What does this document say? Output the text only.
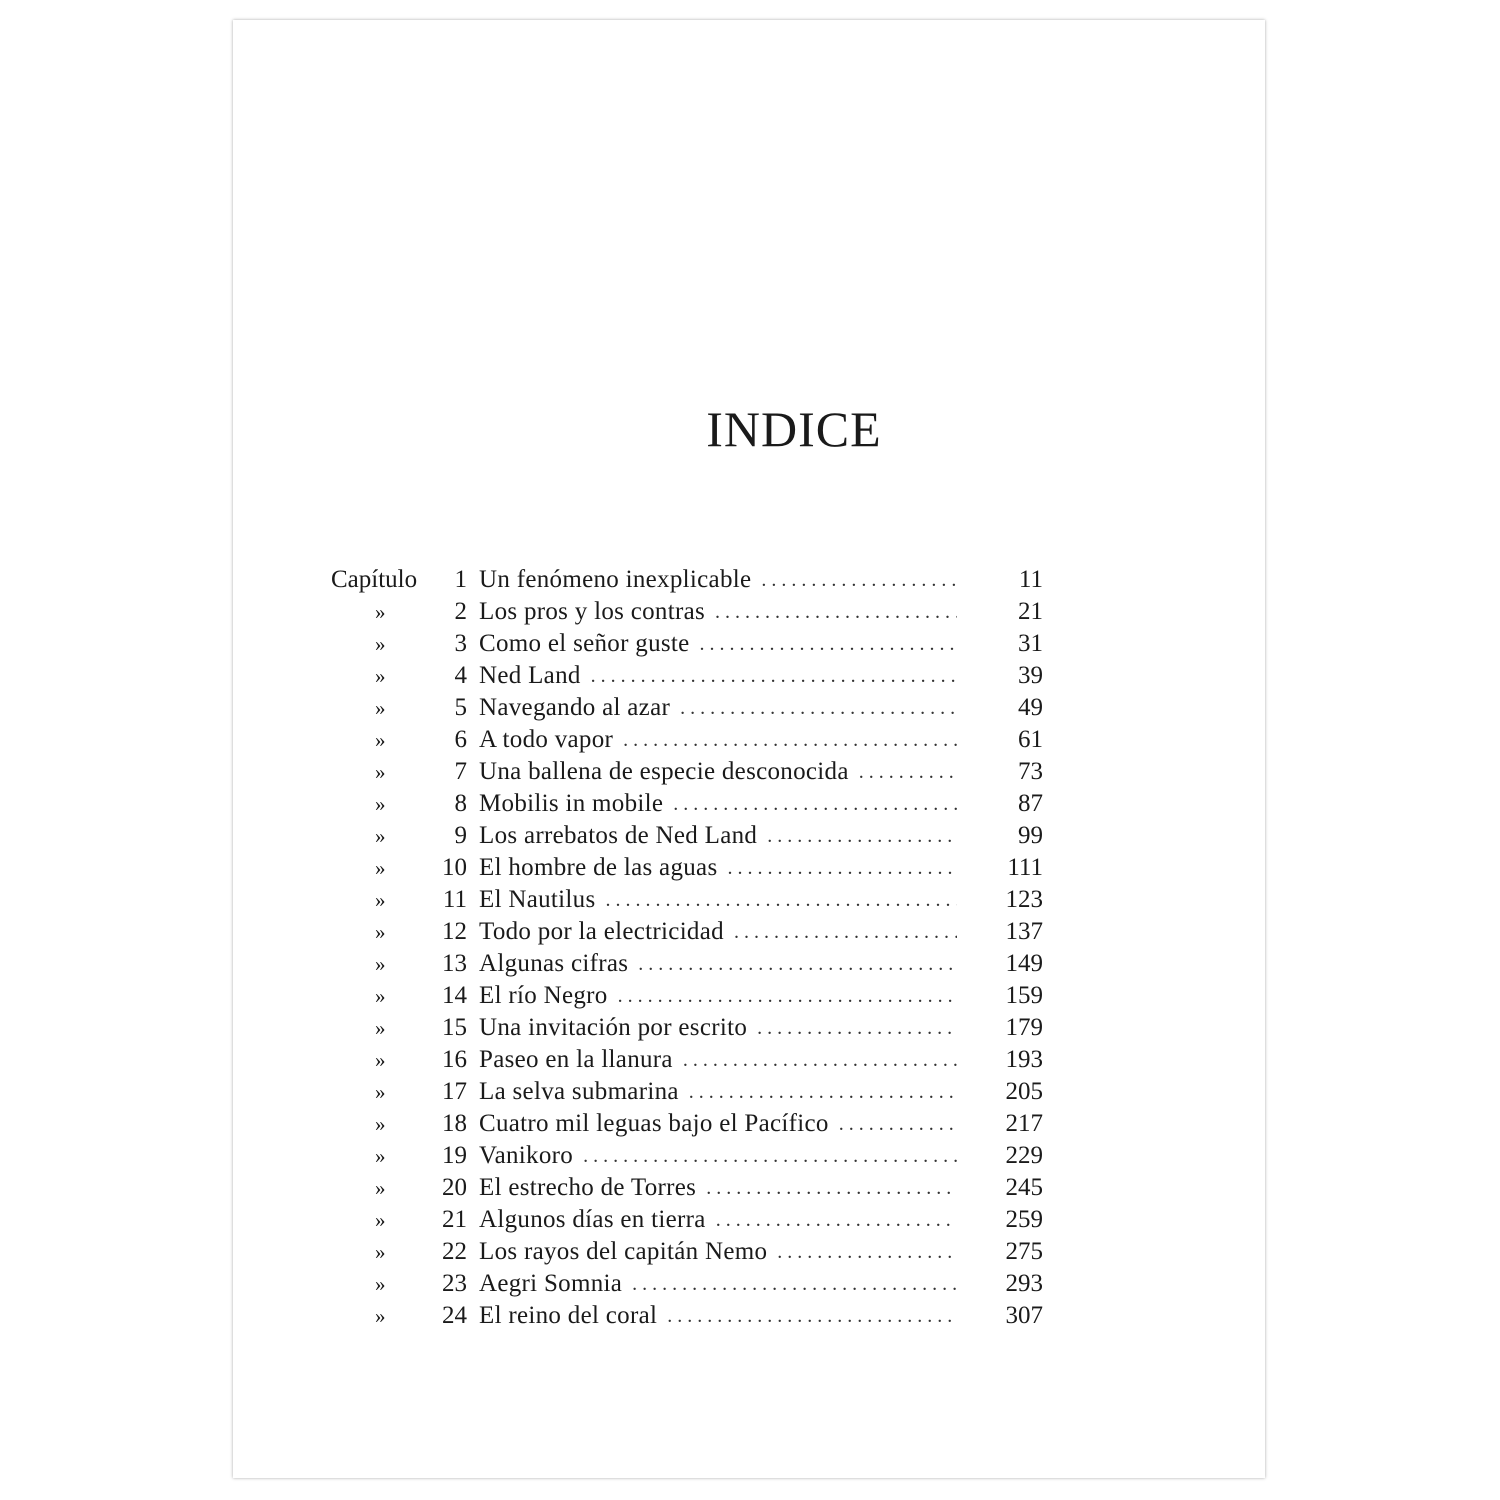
INDICE
Capítulo	1 Un fenómeno inexplicable . . .	11
»	2 Los pros y los contras . . .	21
»	3 Como el señor guste . . .	31
»	4 Ned Land . . .	39
»	5 Navegando al azar . . .	49
»	6 A todo vapor . . .	61
»	7 Una ballena de especie desconocida . . .	73
»	8 Mobilis in mobile . . .	87
»	9 Los arrebatos de Ned Land . . .	99
»	10 El hombre de las aguas . . .	111
»	11 El Nautilus . . .	123
»	12 Todo por la electricidad . . .	137
»	13 Algunas cifras . . .	149
»	14 El río Negro . . .	159
»	15 Una invitación por escrito . . .	179
»	16 Paseo en la llanura . . .	193
»	17 La selva submarina . . .	205
»	18 Cuatro mil leguas bajo el Pacífico . . .	217
»	19 Vanikoro . . .	229
»	20 El estrecho de Torres . . .	245
»	21 Algunos días en tierra . . .	259
»	22 Los rayos del capitán Nemo . . .	275
»	23 Aegri Somnia . . .	293
»	24 El reino del coral . . .	307
